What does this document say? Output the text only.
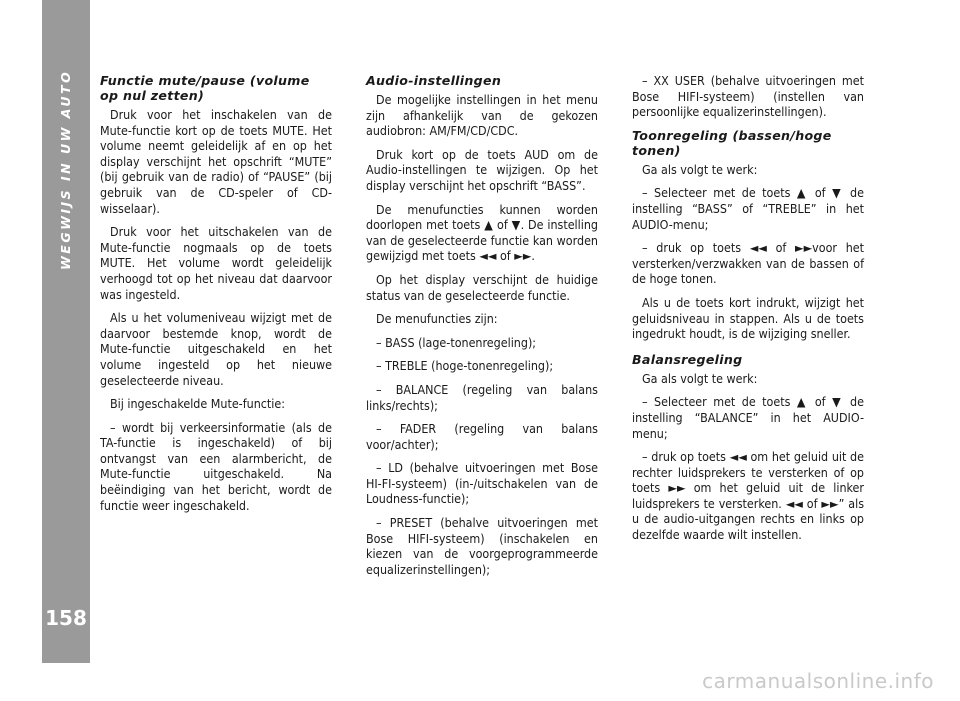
WEGWIJS IN UW AUTO
158
Functie mute/pause (volume op nul zetten)

Druk voor het inschakelen van de Mute-functie kort op de toets MUTE. Het volume neemt geleidelijk af en op het display verschijnt het opschrift “MUTE” (bij gebruik van de radio) of “PAUSE” (bij gebruik van de CD-speler of CD-wisselaar).

Druk voor het uitschakelen van de Mute-functie nogmaals op de toets MUTE. Het volume wordt geleidelijk verhoogd tot op het niveau dat daarvoor was ingesteld.

Als u het volumeniveau wijzigt met de daarvoor bestemde knop, wordt de Mute-functie uitgeschakeld en het volume ingesteld op het nieuwe geselecteerde niveau.

Bij ingeschakelde Mute-functie:

– wordt bij verkeersinformatie (als de TA-functie is ingeschakeld) of bij ontvangst van een alarmbericht, de Mute-functie uitgeschakeld. Na beëindiging van het bericht, wordt de functie weer ingeschakeld.

Audio-instellingen

De mogelijke instellingen in het menu zijn afhankelijk van de gekozen audiobron: AM/FM/CD/CDC.

Druk kort op de toets AUD om de Audio-instellingen te wijzigen. Op het display verschijnt het opschrift “BASS”.

De menufuncties kunnen worden doorlopen met toets ▲ of ▼. De instelling van de geselecteerde functie kan worden gewijzigd met toets ◄◄ of ►►.

Op het display verschijnt de huidige status van de geselecteerde functie.

De menufuncties zijn:

– BASS (lage-tonenregeling);

– TREBLE (hoge-tonenregeling);

– BALANCE (regeling van balans links/rechts);

– FADER (regeling van balans voor/achter);

– LD (behalve uitvoeringen met Bose HI-FI-systeem) (in-/uitschakelen van de Loudness-functie);

– PRESET (behalve uitvoeringen met Bose HIFI-systeem) (inschakelen en kiezen van de voorgeprogrammeerde equalizerinstellingen);

– XX USER (behalve uitvoeringen met Bose HIFI-systeem) (instellen van persoonlijke equalizerinstellingen).

Toonregeling (bassen/hoge tonen)

Ga als volgt te werk:

– Selecteer met de toets ▲ of ▼ de instelling “BASS” of “TREBLE” in het AUDIO-menu;

– druk op toets ◄◄ of ►►voor het versterken/verzwakken van de bassen of de hoge tonen.

Als u de toets kort indrukt, wijzigt het geluidsniveau in stappen. Als u de toets ingedrukt houdt, is de wijziging sneller.

Balansregeling

Ga als volgt te werk:

– Selecteer met de toets ▲ of ▼ de instelling “BALANCE” in het AUDIO-menu;

– druk op toets ◄◄ om het geluid uit de rechter luidsprekers te versterken of op toets ►► om het geluid uit de linker luidsprekers te versterken. ◄◄ of ►►” als u de audio-uitgangen rechts en links op dezelfde waarde wilt instellen.

carmanualsonline.info
